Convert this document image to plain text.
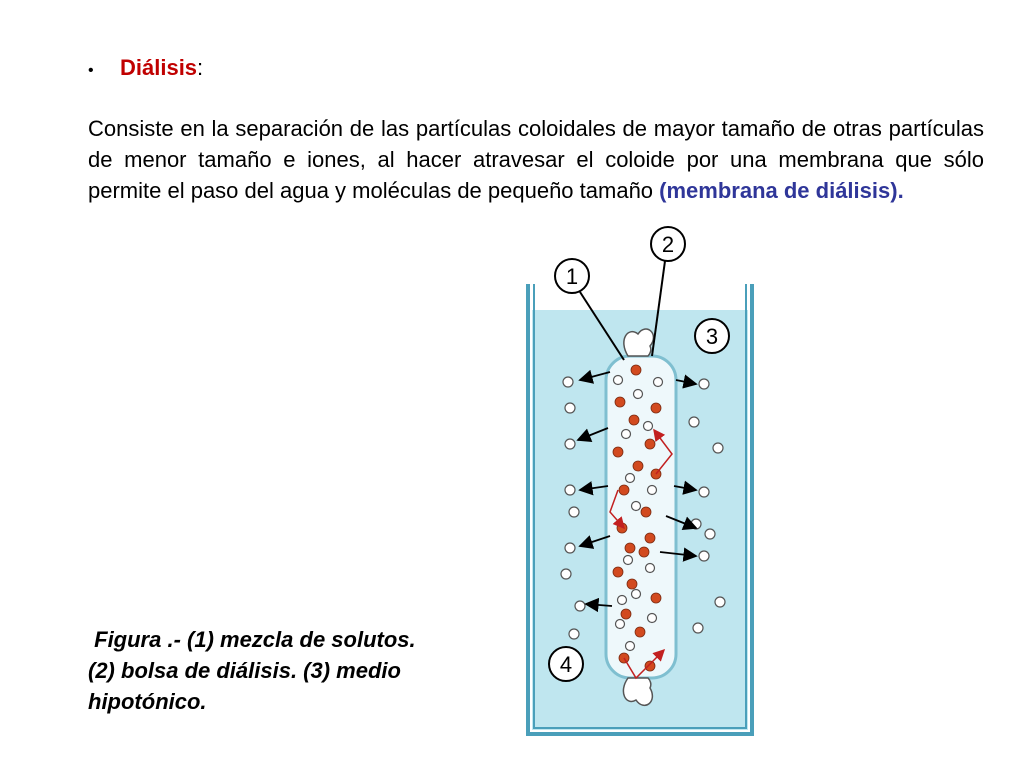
• Diálisis:

Consiste en la separación de las partículas coloidales de mayor tamaño de otras partículas de menor tamaño e iones, al hacer atravesar el coloide por una membrana que sólo permite el paso del agua y moléculas de pequeño tamaño (membrana de diálisis).

Figura .- (1) mezcla de solutos.
(2) bolsa de diálisis. (3) medio
hipotónico.

1
2
3
4
